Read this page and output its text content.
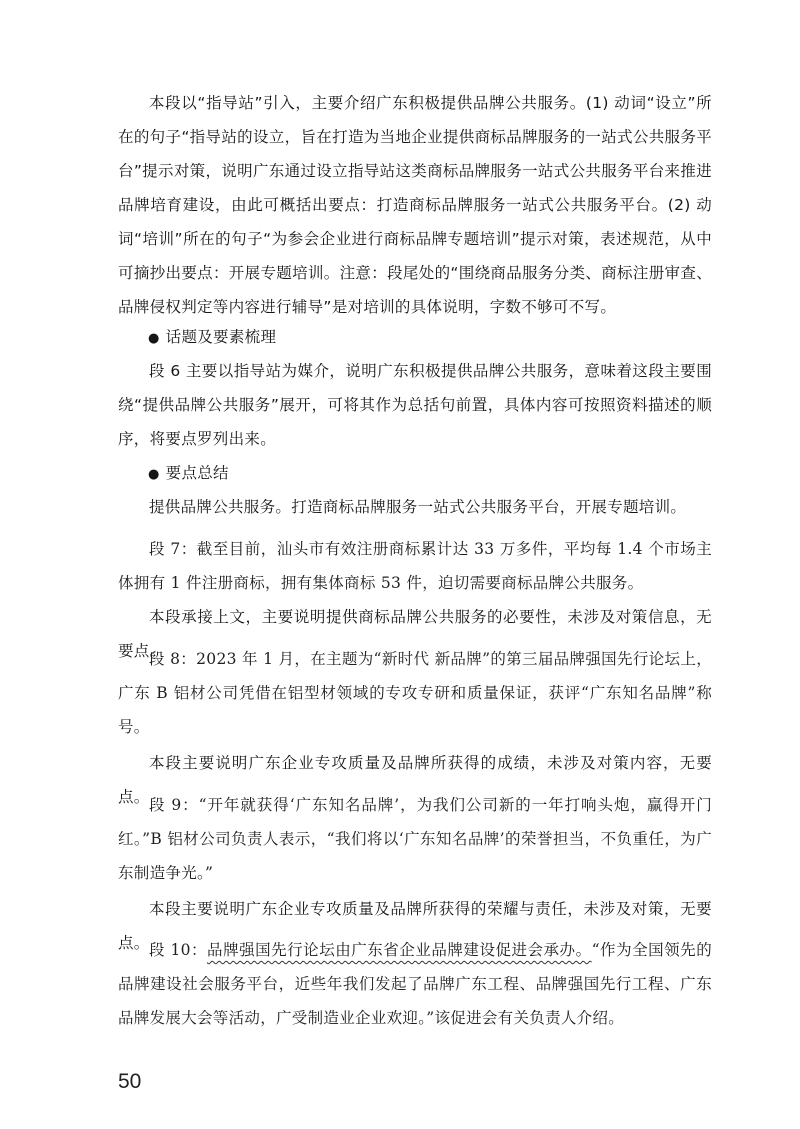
本段以“指导站”引入，主要介绍广东积极提供品牌公共服务。(1) 动词“设立”所在的句子“指导站的设立，旨在打造为当地企业提供商标品牌服务的一站式公共服务平台”提示对策，说明广东通过设立指导站这类商标品牌服务一站式公共服务平台来推进品牌培育建设，由此可概括出要点：打造商标品牌服务一站式公共服务平台。(2) 动词“培训”所在的句子“为参会企业进行商标品牌专题培训”提示对策，表述规范，从中可摘抄出要点：开展专题培训。注意：段尾处的“围绕商品服务分类、商标注册审查、品牌侵权判定等内容进行辅导”是对培训的具体说明，字数不够可不写。

● 话题及要素梳理

段 6 主要以指导站为媒介，说明广东积极提供品牌公共服务，意味着这段主要围绕“提供品牌公共服务”展开，可将其作为总括句前置，具体内容可按照资料描述的顺序，将要点罗列出来。

● 要点总结

提供品牌公共服务。打造商标品牌服务一站式公共服务平台，开展专题培训。

段 7：截至目前，汕头市有效注册商标累计达 33 万多件，平均每 1.4 个市场主体拥有 1 件注册商标，拥有集体商标 53 件，迫切需要商标品牌公共服务。

本段承接上文，主要说明提供商标品牌公共服务的必要性，未涉及对策信息，无要点。

段 8：2023 年 1 月，在主题为“新时代 新品牌”的第三届品牌强国先行论坛上，广东 B 铝材公司凭借在铝型材领域的专攻专研和质量保证，获评“广东知名品牌”称号。

本段主要说明广东企业专攻质量及品牌所获得的成绩，未涉及对策内容，无要点。 段 9：“开年就获得‘广东知名品牌’，为我们公司新的一年打响头炮，赢得开门红。”B 铝材公司负责人表示，“我们将以‘广东知名品牌’的荣誉担当，不负重任，为广东制造争光。”

本段主要说明广东企业专攻质量及品牌所获得的荣耀与责任，未涉及对策，无要点。 段 10：品牌强国先行论坛由广东省企业品牌建设促进会承办。“作为全国领先的品牌建设社会服务平台，近些年我们发起了品牌广东工程、品牌强国先行工程、广东品牌发展大会等活动，广受制造业企业欢迎。”该促进会有关负责人介绍。

50
